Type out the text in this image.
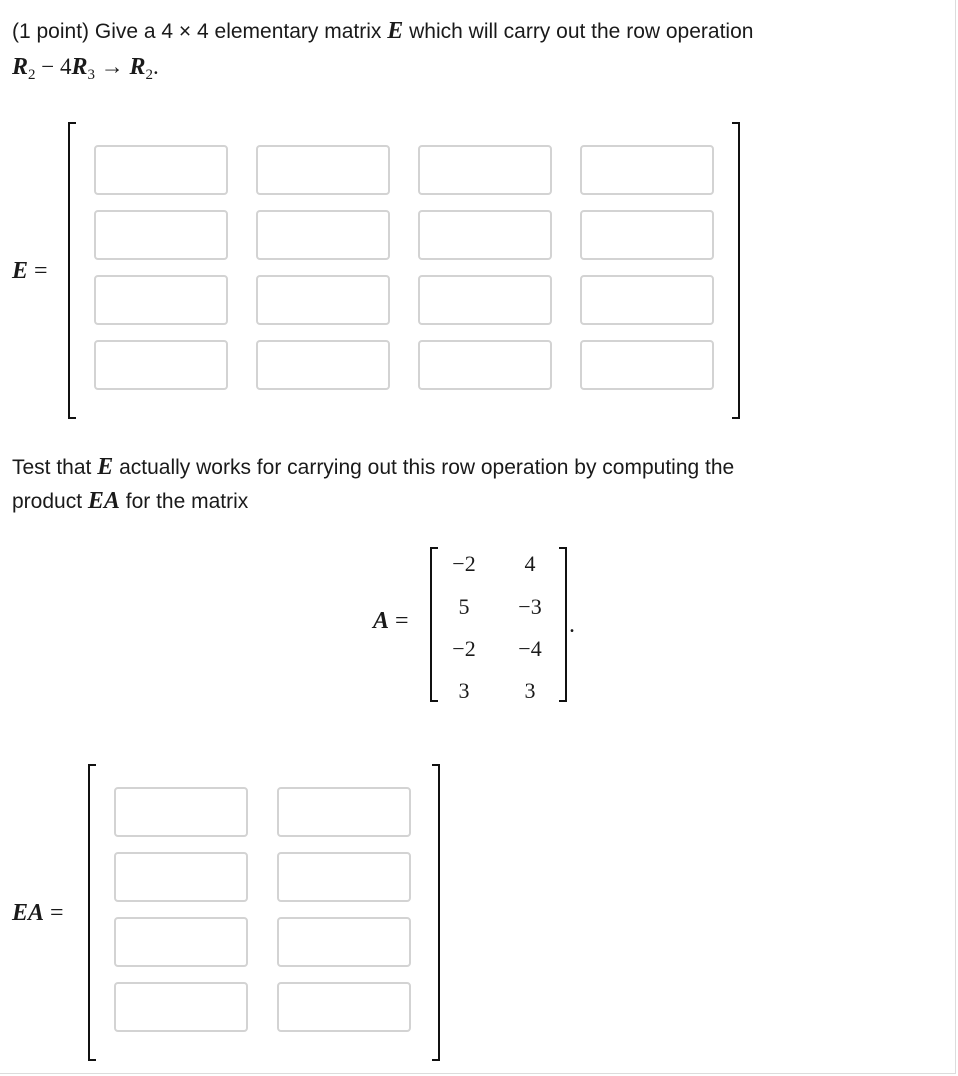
(1 point) Give a 4 × 4 elementary matrix E which will carry out the row operation
$R_2 - 4R_3 \to R_2$.
E =
Test that E actually works for carrying out this row operation by computing the
product EA for the matrix
A =
−2	4
5	−3
−2	−4
3	3
.
EA =
